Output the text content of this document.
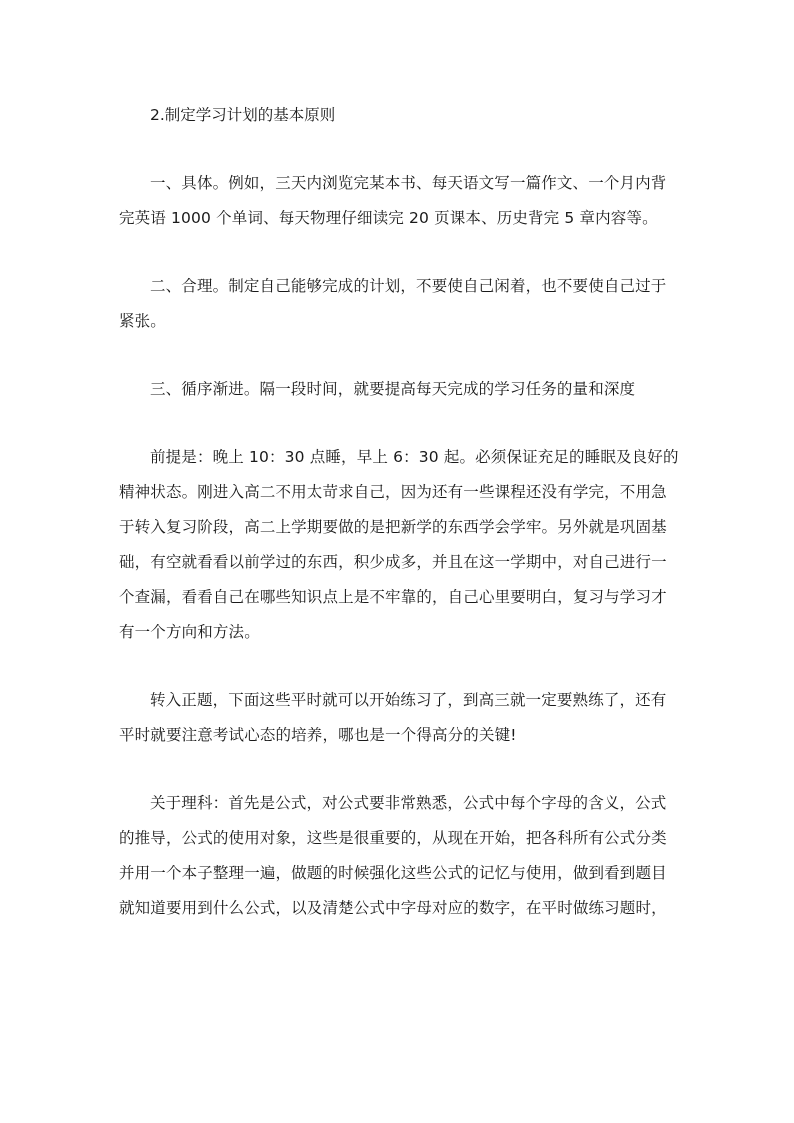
2.制定学习计划的基本原则

一、具体。例如，三天内浏览完某本书、每天语文写一篇作文、一个月内背完英语 1000 个单词、每天物理仔细读完 20 页课本、历史背完 5 章内容等。

二、合理。制定自己能够完成的计划，不要使自己闲着，也不要使自己过于紧张。

三、循序渐进。隔一段时间，就要提高每天完成的学习任务的量和深度

前提是：晚上 10：30 点睡，早上 6：30 起。必须保证充足的睡眠及良好的精神状态。刚进入高二不用太苛求自己，因为还有一些课程还没有学完，不用急于转入复习阶段，高二上学期要做的是把新学的东西学会学牢。另外就是巩固基础，有空就看看以前学过的东西，积少成多，并且在这一学期中，对自己进行一个查漏，看看自己在哪些知识点上是不牢靠的，自己心里要明白，复习与学习才有一个方向和方法。

转入正题，下面这些平时就可以开始练习了，到高三就一定要熟练了，还有平时就要注意考试心态的培养，哪也是一个得高分的关键!

关于理科：首先是公式，对公式要非常熟悉，公式中每个字母的含义，公式的推导，公式的使用对象，这些是很重要的，从现在开始，把各科所有公式分类并用一个本子整理一遍，做题的时候强化这些公式的记忆与使用，做到看到题目就知道要用到什么公式，以及清楚公式中字母对应的数字，在平时做练习题时，
